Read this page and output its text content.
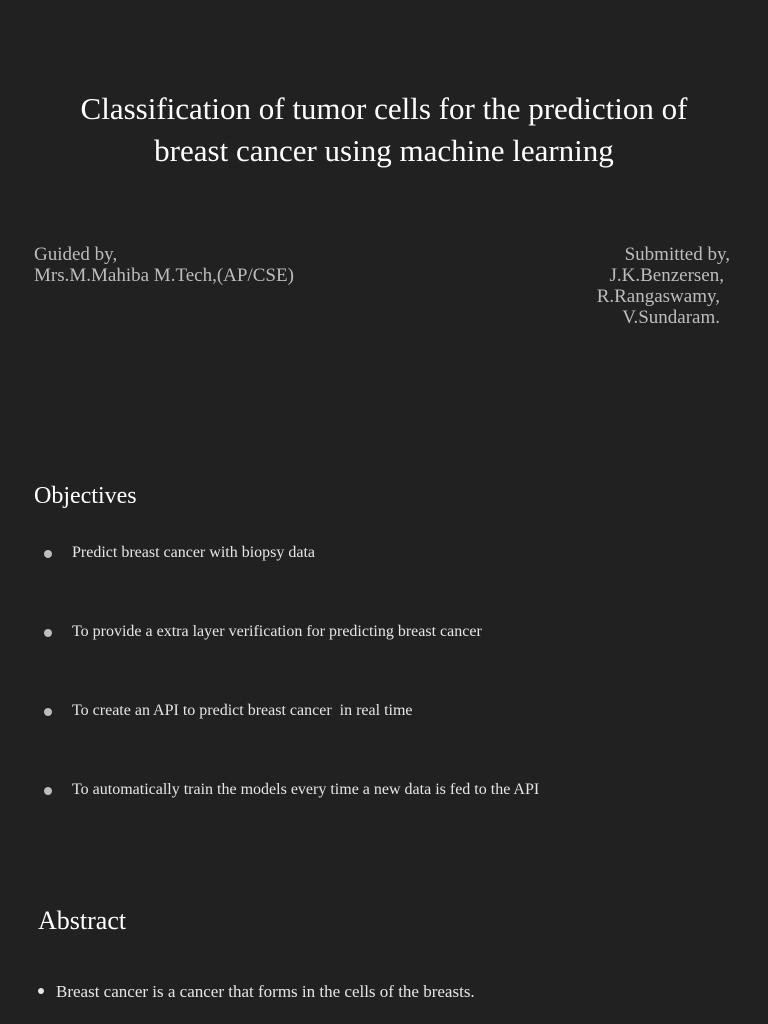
Classification of tumor cells for the prediction of
breast cancer using machine learning
Guided by,
Mrs.M.Mahiba M.Tech,(AP/CSE)
Submitted by,
J.K.Benzersen,
R.Rangaswamy,
V.Sundaram.
Objectives
Predict breast cancer with biopsy data
To provide a extra layer verification for predicting breast cancer
To create an API to predict breast cancer  in real time
To automatically train the models every time a new data is fed to the API
Abstract
Breast cancer is a cancer that forms in the cells of the breasts.
